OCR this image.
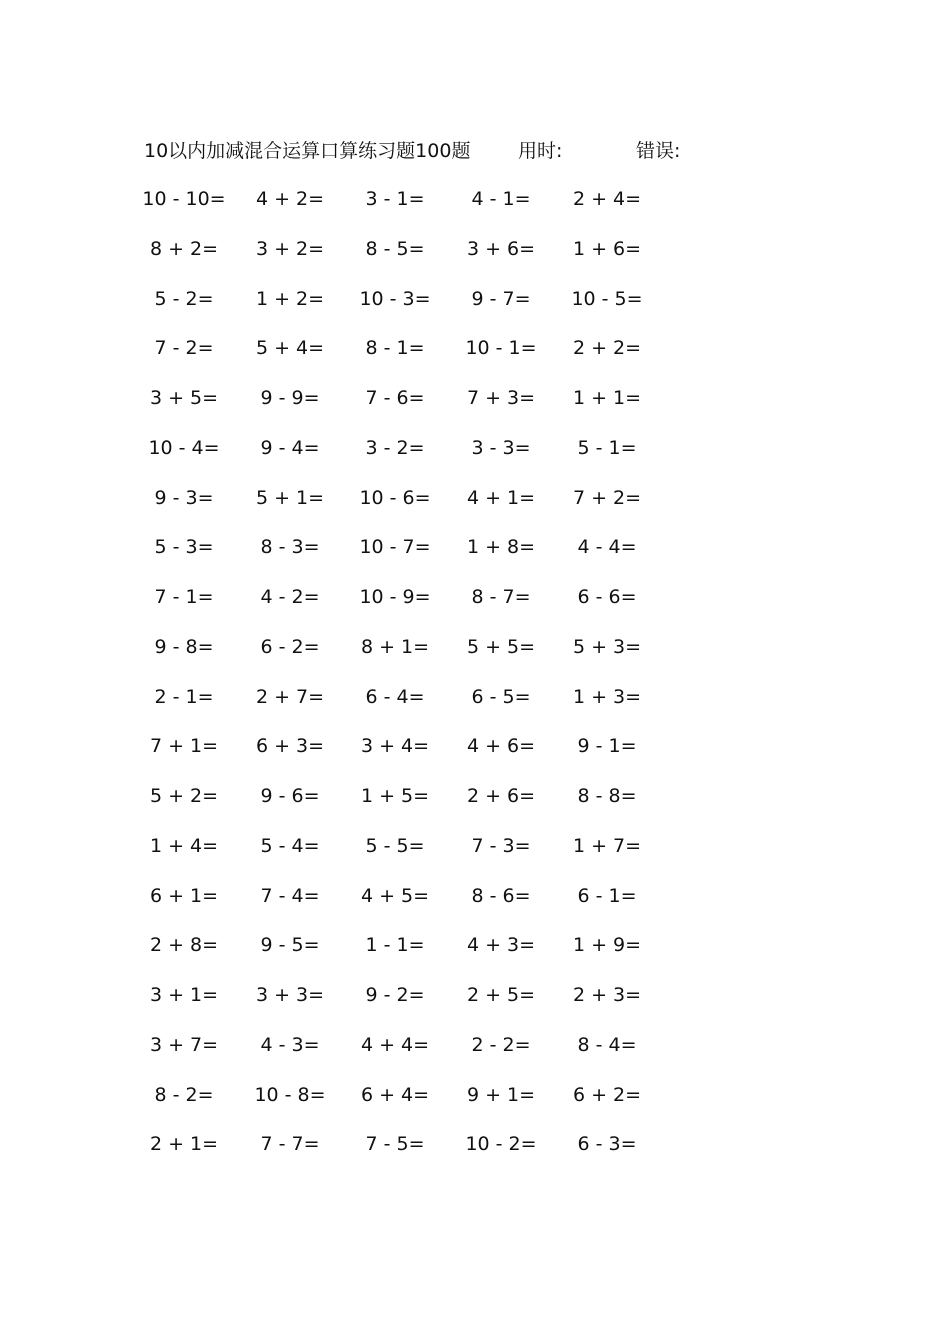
10以内加减混合运算口算练习题100题	用时:	错误:
10 - 10=	4 + 2=	3 - 1=	4 - 1=	2 + 4=
8 + 2=	3 + 2=	8 - 5=	3 + 6=	1 + 6=
5 - 2=	1 + 2=	10 - 3=	9 - 7=	10 - 5=
7 - 2=	5 + 4=	8 - 1=	10 - 1=	2 + 2=
3 + 5=	9 - 9=	7 - 6=	7 + 3=	1 + 1=
10 - 4=	9 - 4=	3 - 2=	3 - 3=	5 - 1=
9 - 3=	5 + 1=	10 - 6=	4 + 1=	7 + 2=
5 - 3=	8 - 3=	10 - 7=	1 + 8=	4 - 4=
7 - 1=	4 - 2=	10 - 9=	8 - 7=	6 - 6=
9 - 8=	6 - 2=	8 + 1=	5 + 5=	5 + 3=
2 - 1=	2 + 7=	6 - 4=	6 - 5=	1 + 3=
7 + 1=	6 + 3=	3 + 4=	4 + 6=	9 - 1=
5 + 2=	9 - 6=	1 + 5=	2 + 6=	8 - 8=
1 + 4=	5 - 4=	5 - 5=	7 - 3=	1 + 7=
6 + 1=	7 - 4=	4 + 5=	8 - 6=	6 - 1=
2 + 8=	9 - 5=	1 - 1=	4 + 3=	1 + 9=
3 + 1=	3 + 3=	9 - 2=	2 + 5=	2 + 3=
3 + 7=	4 - 3=	4 + 4=	2 - 2=	8 - 4=
8 - 2=	10 - 8=	6 + 4=	9 + 1=	6 + 2=
2 + 1=	7 - 7=	7 - 5=	10 - 2=	6 - 3=
